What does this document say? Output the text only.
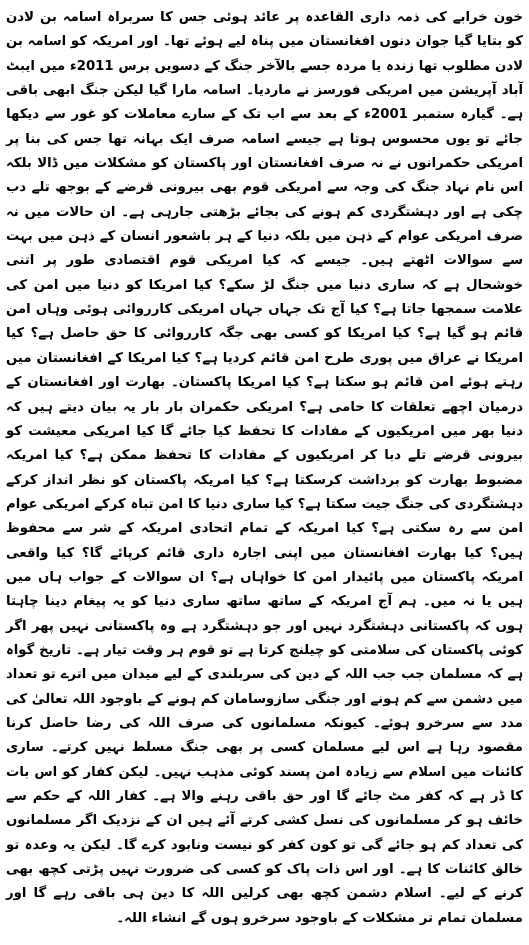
خون خرابے کی ذمہ داری القاعدہ پر عائد ہوئی جس کا سربراہ اسامہ بن لادن کو بتایا گیا جوان دنوں افغانستان میں پناہ لیے ہوئے تھا۔ اور امریکہ کو اسامہ بن لادن مطلوب تھا زندہ یا مردہ جسے بالآخر جنگ کے دسویں برس 2011ء میں ایبٹ آباد آپریشن میں امریکی فورسز نے ماردیا۔ اسامہ مارا گیا لیکن جنگ ابھی باقی ہے۔ گیارہ ستمبر 2001ء کے بعد سے اب تک کے سارے معاملات کو غور سے دیکھا جائے تو یوں محسوس ہوتا ہے جیسے اسامہ صرف ایک بہانہ تھا جس کی بنا پر امریکی حکمرانوں نے نہ صرف افغانستان اور پاکستان کو مشکلات میں ڈالا بلکہ اس نام نہاد جنگ کی وجہ سے امریکی قوم بھی بیرونی قرضے کے بوجھ تلے دب چکی ہے اور دہشتگردی کم ہونے کی بجائے بڑھتی جارہی ہے۔ ان حالات میں نہ صرف امریکی عوام کے ذہن میں بلکہ دنیا کے ہر باشعور انسان کے ذہن میں بہت سے سوالات اٹھتے ہیں۔ جیسے کہ کیا امریکی قوم اقتصادی طور پر اتنی خوشحال ہے کہ ساری دنیا میں جنگ لڑ سکے؟ کیا امریکا کو دنیا میں امن کی علامت سمجھا جاتا ہے؟ کیا آج تک جہاں جہاں امریکی کارروائی ہوئی وہاں امن قائم ہو گیا ہے؟ کیا امریکا کو کسی بھی جگہ کارروائی کا حق حاصل ہے؟ کیا امریکا نے عراق میں پوری طرح امن قائم کردیا ہے؟ کیا امریکا کے افغانستان میں رہتے ہوئے امن قائم ہو سکتا ہے؟ کیا امریکا پاکستان۔ بھارت اور افغانستان کے درمیان اچھے تعلقات کا حامی ہے؟ امریکی حکمران بار بار یہ بیان دیتے ہیں کہ دنیا بھر میں امریکیوں کے مفادات کا تحفظ کیا جائے گا کیا امریکی معیشت کو بیرونی قرضے تلے دبا کر امریکیوں کے مفادات کا تحفظ ممکن ہے؟ کیا امریکہ مضبوط بھارت کو برداشت کرسکتا ہے؟ کیا امریکہ پاکستان کو نظر انداز کرکے دہشتگردی کی جنگ جیت سکتا ہے؟ کیا ساری دنیا کا امن تباہ کرکے امریکی عوام امن سے رہ سکتی ہے؟ کیا امریکہ کے تمام اتحادی امریکہ کے شر سے محفوظ ہیں؟ کیا بھارت افغانستان میں اپنی اجارہ داری قائم کرپائے گا؟ کیا واقعی امریکہ پاکستان میں پائیدار امن کا خواہاں ہے؟ ان سوالات کے جواب ہاں میں ہیں یا نہ میں۔ ہم آج امریکہ کے ساتھ ساتھ ساری دنیا کو یہ پیغام دینا چاہتا ہوں کہ پاکستانی دہشتگرد نہیں اور جو دہشتگرد ہے وہ پاکستانی نہیں پھر اگر کوئی پاکستان کی سلامتی کو چیلنج کرتا ہے تو قوم ہر وقت تیار ہے۔ تاریخ گواہ ہے کہ مسلمان جب جب اللہ کے دین کی سربلندی کے لیے میدان میں اترے تو تعداد میں دشمن سے کم ہونے اور جنگی سازوسامان کم ہونے کے باوجود اللہ تعالیٰ کی مدد سے سرخرو ہوئے۔ کیونکہ مسلمانوں کی صرف اللہ کی رضا حاصل کرنا مقصود رہا ہے اس لیے مسلمان کسی پر بھی جنگ مسلط نہیں کرتے۔ ساری کائنات میں اسلام سے زیادہ امن پسند کوئی مذہب نہیں۔ لیکن کفار کو اس بات کا ڈر ہے کہ کفر مٹ جائے گا اور حق باقی رہنے والا ہے۔ کفار اللہ کے حکم سے خائف ہو کر مسلمانوں کی نسل کشی کرتے آئے ہیں ان کے نزدیک اگر مسلمانوں کی تعداد کم ہو جائے گی تو کون کفر کو نیست ونابود کرے گا۔ لیکن یہ وعدہ تو خالق کائنات کا ہے۔ اور اس ذات پاک کو کسی کی ضرورت نہیں پڑتی کچھ بھی کرنے کے لیے۔ اسلام دشمن کچھ بھی کرلیں اللہ کا دین ہی باقی رہے گا اور مسلمان تمام تر مشکلات کے باوجود سرخرو ہوں گے انشاء اللہ۔
